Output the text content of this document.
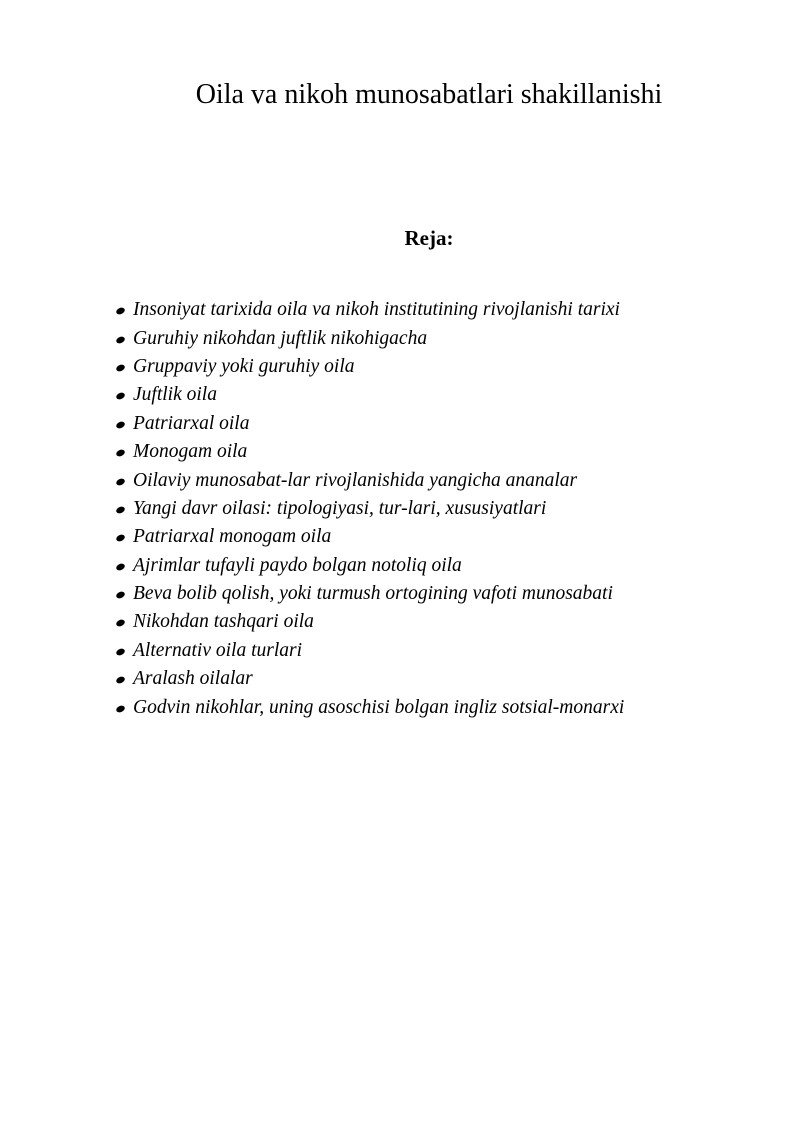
Oila va nikoh munosabatlari shakillanishi
Reja:
Insoniyat tarixida oila va nikoh institutining rivojlanishi tarixi
Guruhiy nikohdan juftlik nikohigacha
Gruppaviy yoki guruhiy oila
Juftlik oila
Patriarxal oila
Monogam oila
Oilaviy munosabat-lar rivojlanishida yangicha ananalar
Yangi davr oilasi: tipologiyasi, tur-lari, xususiyatlari
Patriarxal monogam oila
Ajrimlar tufayli paydo bolgan notoliq oila
Beva bolib qolish, yoki turmush ortogining vafoti munosabati
Nikohdan tashqari oila
Alternativ oila turlari
Aralash oilalar
Godvin nikohlar, uning asoschisi bolgan ingliz sotsial-monarxi
